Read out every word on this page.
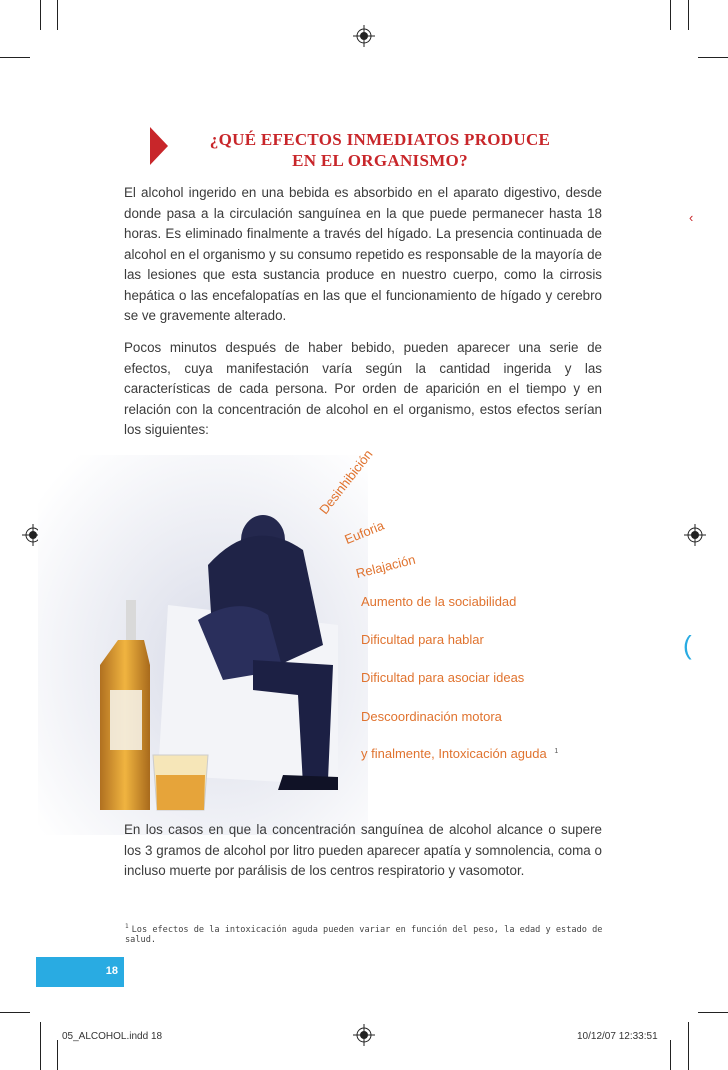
‹
(
¿QUÉ EFECTOS INMEDIATOS PRODUCE
EN EL ORGANISMO?
El alcohol ingerido en una bebida es absorbido en el aparato digestivo, desde donde pasa a la circulación sanguínea en la que puede permanecer hasta 18 horas. Es eliminado finalmente a través del hígado. La presencia continuada de alcohol en el organismo y su consumo repetido es responsable de la mayoría de las lesiones que esta sustancia produce en nuestro cuerpo, como la cirrosis hepática o las encefalopatías en las que el funcionamiento de hígado y cerebro se ve gravemente alterado.
Pocos minutos después de haber bebido, pueden aparecer una serie de efectos, cuya manifestación varía según la cantidad ingerida y las características de cada persona. Por orden de aparición en el tiempo y en relación con la concentración de alcohol en el organismo, estos efectos serían los siguientes:
Desinhibición
Euforia
Relajación
Aumento de la sociabilidad
Dificultad para hablar
Dificultad para asociar ideas
Descoordinación motora
y finalmente, Intoxicación aguda $^1$
En los casos en que la concentración sanguínea de alcohol alcance o supere los 3 gramos de alcohol por litro pueden aparecer apatía y somnolencia, coma o incluso muerte por parálisis de los centros respiratorio y vasomotor.
$^1$ Los efectos de la intoxicación aguda pueden variar en función del peso, la edad y estado de salud.
18
05_ALCOHOL.indd 18	10/12/07 12:33:51
